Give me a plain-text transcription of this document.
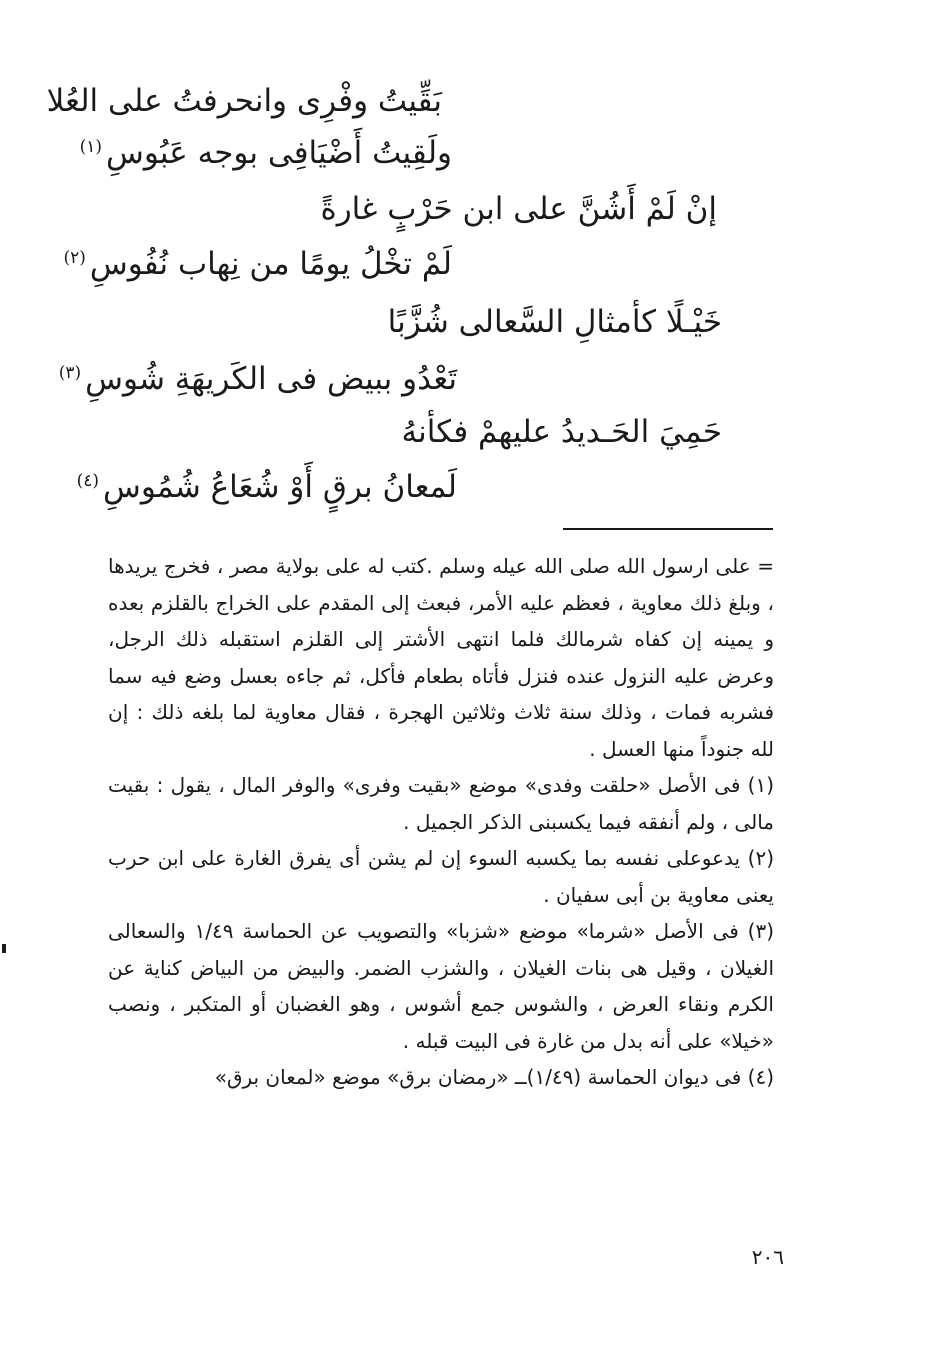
بَقِّيتُ وفْرِى وانحرفتُ على العُلا
ولَقِيتُ أَضْيَافِى بوجه عَبُوسِ$^{(١)}$
إنْ لَمْ أَشُنَّ على ابن حَرْبٍ غارةً
لَمْ تخْلُ يومًا من نِهاب نُفُوسِ$^{(٢)}$
خَيْـلًا كأمثالِ السَّعالى شُزَّبًا
تَعْدُو ببيض فى الكَريهَةِ شُوسِ$^{(٣)}$
حَمِيَ الحَـديدُ عليهمْ فكأنهُ
لَمعانُ برقٍ أَوْ شُعَاعُ شُمُوسِ$^{(٤)}$

= على ارسول الله صلى الله عيله وسلم .كتب له على بولاية مصر ، فخرج يريدها ، وبلغ ذلك معاوية ، فعظم عليه الأمر، فبعث إلى المقدم على الخراج بالقلزم بعده و يمينه إن كفاه شرمالك فلما انتهى الأشتر إلى القلزم استقبله ذلك الرجل، وعرض عليه النزول عنده فنزل فأتاه بطعام فأكل، ثم جاءه بعسل وضع فيه سما فشربه فمات ، وذلك سنة ثلاث وثلاثين الهجرة ، فقال معاوية لما بلغه ذلك : إن لله جنوداً منها العسل .

(١) فى الأصل «حلقت وفدى» موضع «بقيت وفرى» والوفر المال ، يقول : بقيت مالى ، ولم أنفقه فيما يكسبنى الذكر الجميل .

(٢) يدعوعلى نفسه بما يكسبه السوء إن لم يشن أى يفرق الغارة على ابن حرب يعنى معاوية بن أبى سفيان .

(٣) فى الأصل «شرما» موضع «شزبا» والتصويب عن الحماسة ١/٤٩ والسعالى الغيلان ، وقيل هى بنات الغيلان ، والشزب الضمر. والبيض من البياض كناية عن الكرم ونقاء العرض ، والشوس جمع أشوس ، وهو الغضبان أو المتكبر ، ونصب «خيلا» على أنه بدل من غارة فى البيت قبله .

(٤) فى ديوان الحماسة (١/٤٩)ــ «رمضان برق» موضع «لمعان برق»

٢٠٦
